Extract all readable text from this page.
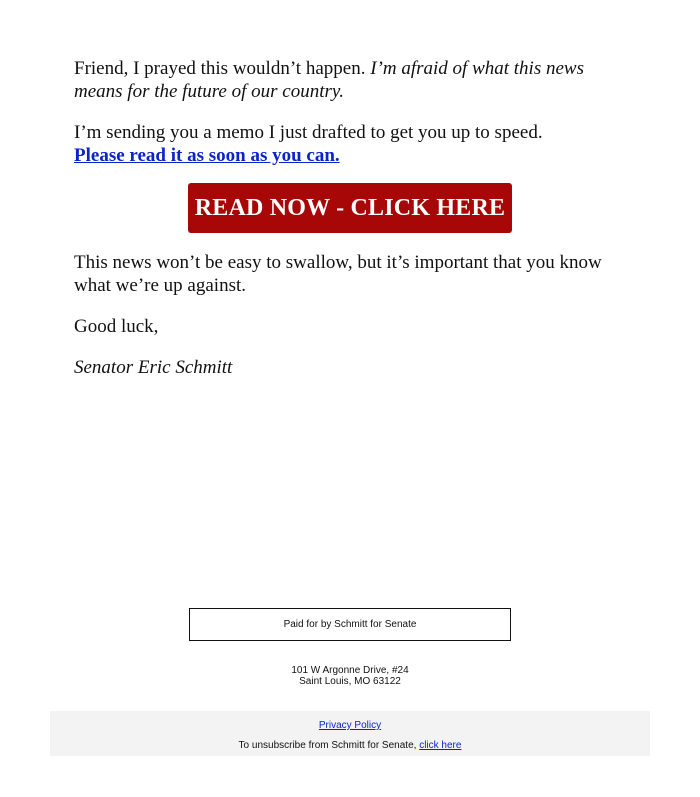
Friend, I prayed this wouldn’t happen. I’m afraid of what this news means for the future of our country.

I’m sending you a memo I just drafted to get you up to speed.
Please read it as soon as you can.

READ NOW - CLICK HERE

This news won’t be easy to swallow, but it’s important that you know what we’re up against.

Good luck,

Senator Eric Schmitt

Paid for by Schmitt for Senate
101 W Argonne Drive, #24
Saint Louis, MO 63122
Privacy Policy
To unsubscribe from Schmitt for Senate, click here
